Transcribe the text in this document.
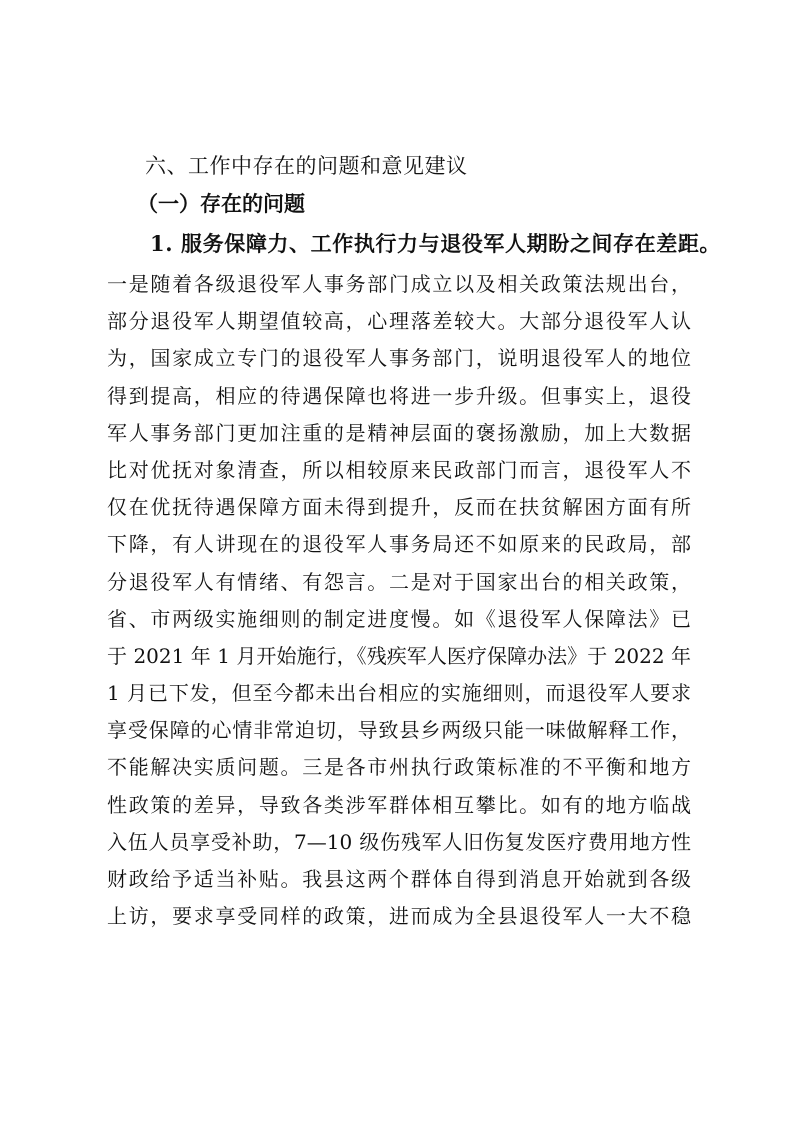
六、工作中存在的问题和意见建议
（一）存在的问题
1. 服务保障力、工作执行力与退役军人期盼之间存在差距。
一是随着各级退役军人事务部门成立以及相关政策法规出台，
部分退役军人期望值较高，心理落差较大。大部分退役军人认
为，国家成立专门的退役军人事务部门，说明退役军人的地位
得到提高，相应的待遇保障也将进一步升级。但事实上，退役
军人事务部门更加注重的是精神层面的褒扬激励，加上大数据
比对优抚对象清查，所以相较原来民政部门而言，退役军人不
仅在优抚待遇保障方面未得到提升，反而在扶贫解困方面有所
下降，有人讲现在的退役军人事务局还不如原来的民政局，部
分退役军人有情绪、有怨言。二是对于国家出台的相关政策，
省、市两级实施细则的制定进度慢。如《退役军人保障法》已
于 2021 年 1 月开始施行，《残疾军人医疗保障办法》于 2022 年
1 月已下发，但至今都未出台相应的实施细则，而退役军人要求
享受保障的心情非常迫切，导致县乡两级只能一味做解释工作，
不能解决实质问题。三是各市州执行政策标准的不平衡和地方
性政策的差异，导致各类涉军群体相互攀比。如有的地方临战
入伍人员享受补助，7—10 级伤残军人旧伤复发医疗费用地方性
财政给予适当补贴。我县这两个群体自得到消息开始就到各级
上访，要求享受同样的政策，进而成为全县退役军人一大不稳
